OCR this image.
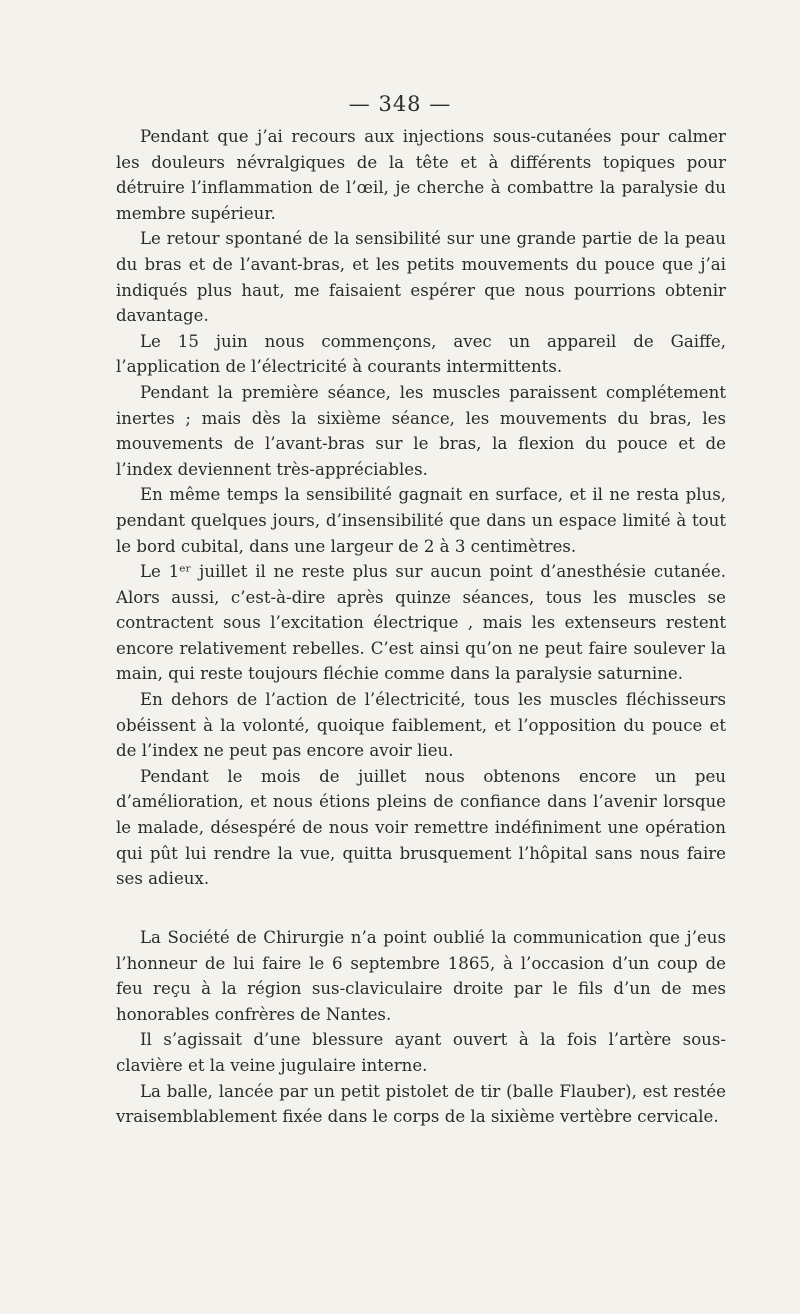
— 348 —

Pendant que j’ai recours aux injections sous-cutanées pour calmer les douleurs névralgiques de la tête et à différents topiques pour détruire l’inflammation de l’œil, je cherche à combattre la paralysie du membre supérieur.

Le retour spontané de la sensibilité sur une grande partie de la peau du bras et de l’avant-bras, et les petits mouvements du pouce que j’ai indiqués plus haut, me faisaient espérer que nous pourrions obtenir davantage.

Le 15 juin nous commençons, avec un appareil de Gaiffe, l’application de l’électricité à courants intermittents.

Pendant la première séance, les muscles paraissent complétement inertes ; mais dès la sixième séance, les mouvements du bras, les mouvements de l’avant-bras sur le bras, la flexion du pouce et de l’index deviennent très-appréciables.

En même temps la sensibilité gagnait en surface, et il ne resta plus, pendant quelques jours, d’insensibilité que dans un espace limité à tout le bord cubital, dans une largeur de 2 à 3 centimètres.

Le 1ᵉʳ juillet il ne reste plus sur aucun point d’anesthésie cutanée. Alors aussi, c’est-à-dire après quinze séances, tous les muscles se contractent sous l’excitation électrique , mais les extenseurs restent encore relativement rebelles. C’est ainsi qu’on ne peut faire soulever la main, qui reste toujours fléchie comme dans la paralysie saturnine.

En dehors de l’action de l’électricité, tous les muscles fléchisseurs obéissent à la volonté, quoique faiblement, et l’opposition du pouce et de l’index ne peut pas encore avoir lieu.

Pendant le mois de juillet nous obtenons encore un peu d’amélioration, et nous étions pleins de confiance dans l’avenir lorsque le malade, désespéré de nous voir remettre indéfiniment une opération qui pût lui rendre la vue, quitta brusquement l’hôpital sans nous faire ses adieux.

La Société de Chirurgie n’a point oublié la communication que j’eus l’honneur de lui faire le 6 septembre 1865, à l’occasion d’un coup de feu reçu à la région sus-claviculaire droite par le fils d’un de mes honorables confrères de Nantes.

Il s’agissait d’une blessure ayant ouvert à la fois l’artère sous-clavière et la veine jugulaire interne.

La balle, lancée par un petit pistolet de tir (balle Flauber), est restée vraisemblablement fixée dans le corps de la sixième vertèbre cervicale.
